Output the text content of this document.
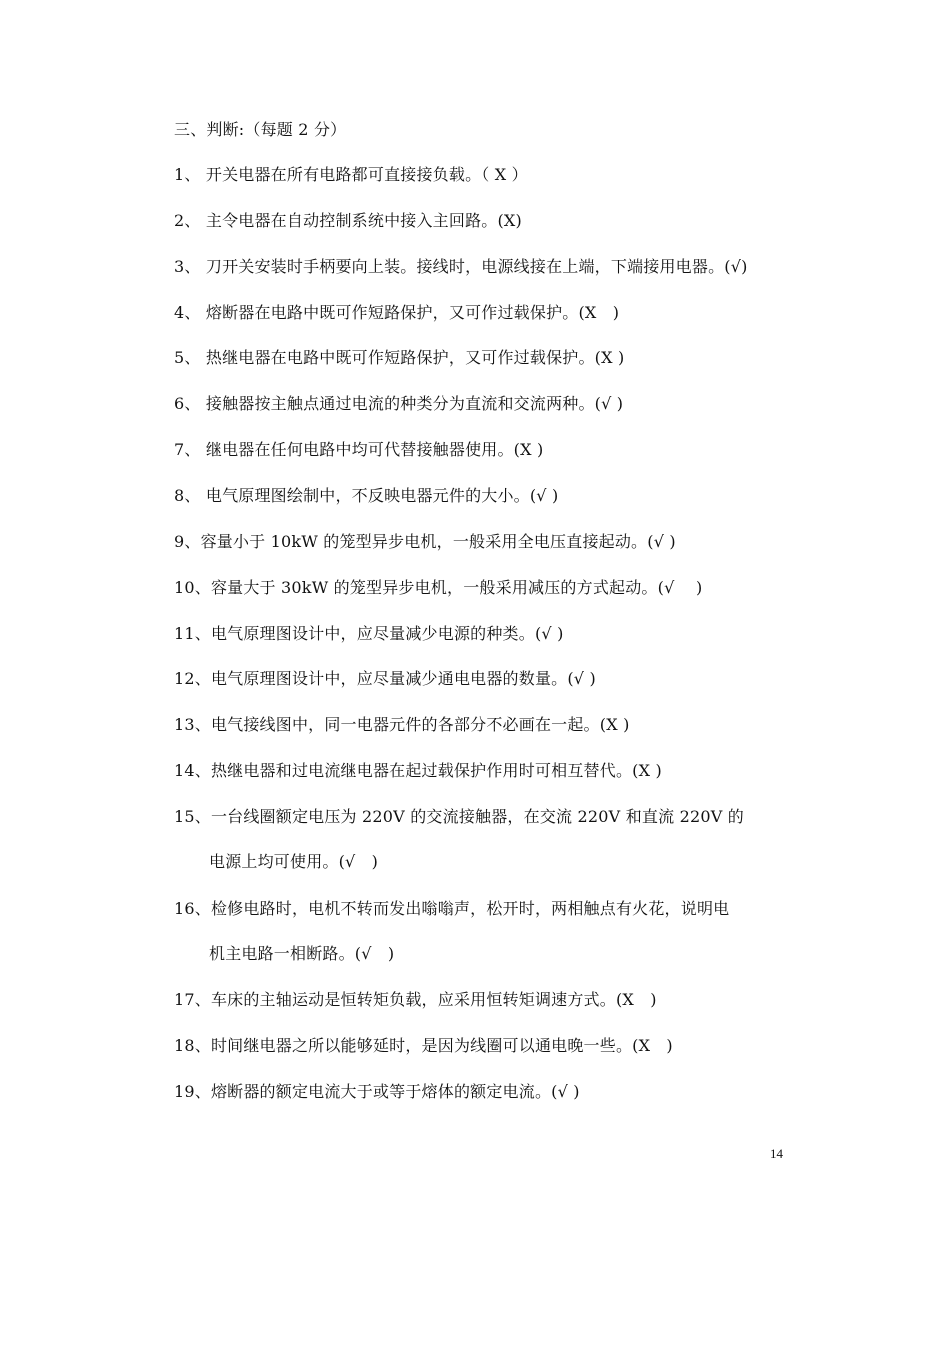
三、判断:（每题 2 分）
1、 开关电器在所有电路都可直接接负载。（ X ）
2、 主令电器在自动控制系统中接入主回路。(X)
3、 刀开关安装时手柄要向上装。接线时，电源线接在上端，下端接用电器。(√)
4、 熔断器在电路中既可作短路保护，又可作过载保护。(X　)
5、 热继电器在电路中既可作短路保护，又可作过载保护。(X )
6、 接触器按主触点通过电流的种类分为直流和交流两种。(√ )
7、 继电器在任何电路中均可代替接触器使用。(X )
8、 电气原理图绘制中，不反映电器元件的大小。(√ )
9、容量小于 10kW 的笼型异步电机，一般采用全电压直接起动。(√ )
10、容量大于 30kW 的笼型异步电机，一般采用减压的方式起动。(√　 )
11、电气原理图设计中，应尽量减少电源的种类。(√ )
12、电气原理图设计中，应尽量减少通电电器的数量。(√ )
13、电气接线图中，同一电器元件的各部分不必画在一起。(X )
14、热继电器和过电流继电器在起过载保护作用时可相互替代。(X )
15、一台线圈额定电压为 220V 的交流接触器，在交流 220V 和直流 220V 的
电源上均可使用。(√　)
16、检修电路时，电机不转而发出嗡嗡声，松开时，两相触点有火花，说明电
机主电路一相断路。(√　)
17、车床的主轴运动是恒转矩负载，应采用恒转矩调速方式。(X　)
18、时间继电器之所以能够延时，是因为线圈可以通电晚一些。(X　)
19、熔断器的额定电流大于或等于熔体的额定电流。(√ )
14
